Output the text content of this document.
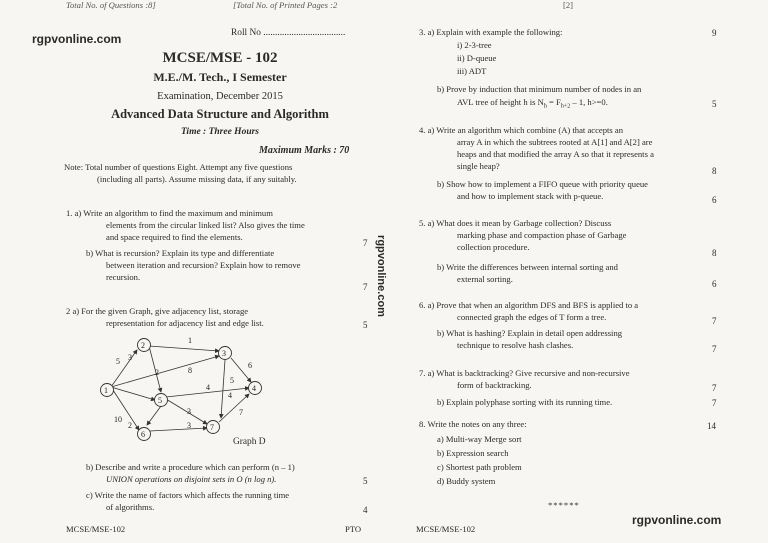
Total No. of Questions :8]	[Total No. of Printed Pages :2	[2]
rgpvonline.com
rgpvonline.com
rgpvonline.com
Roll No ...................................
MCSE/MSE - 102
M.E./M. Tech., I Semester
Examination, December 2015
Advanced Data Structure and Algorithm
Time : Three Hours
Maximum Marks : 70
Note: Total number of questions Eight. Attempt any five questions
(including all parts). Assume missing data, if any suitably.
1. a) Write an algorithm to find the maximum and minimum
elements from the circular linked list? Also gives the time
and space required to find the elements.
7
b) What is recursion? Explain its type and differentiate
between iteration and recursion? Explain how to remove
recursion.
7
2 a) For the given Graph, give adjacency list, storage
representation for adjacency list and edge list.	5
1
2
3
4
5
6
7
1
5 3
8
2
6
4
7
3
10
2	3
5
4
Graph D
b) Describe and write a procedure which can perform (n – 1)
UNION operations on disjoint sets in O (n log n).	5
c) Write the name of factors which affects the running time
of algorithms.	4
MCSE/MSE-102	PTO
3. a) Explain with example the following:	9
i) 2-3-tree
ii) D-queue
iii) ADT
b) Prove by induction that minimum number of nodes in an
AVL tree of height h is $N_h = F_{h+2} - 1$, h>=0.	5
4. a) Write an algorithm which combine (A) that accepts an
array A in which the subtrees rooted at A[1] and A[2] are
heaps and that modified the array A so that it represents a
single heap?	8
b) Show how to implement a FIFO queue with priority queue
and how to implement stack with p-queue.	6
5. a) What does it mean by Garbage collection? Discuss
marking phase and compaction phase of Garbage
collection procedure.
8
b) Write the differences between internal sorting and
external sorting.	6
6. a) Prove that when an algorithm DFS and BFS is applied to a
connected graph the edges of T form a tree.	7
b) What is hashing? Explain in detail open addressing
technique to resolve hash clashes.	7
7. a) What is backtracking? Give recursive and non-recursive
form of backtracking.	7
b) Explain polyphase sorting with its running time.	7
8. Write the notes on any three:	14
a) Multi-way Merge sort
b) Expression search
c) Shortest path problem
d) Buddy system
******
MCSE/MSE-102
